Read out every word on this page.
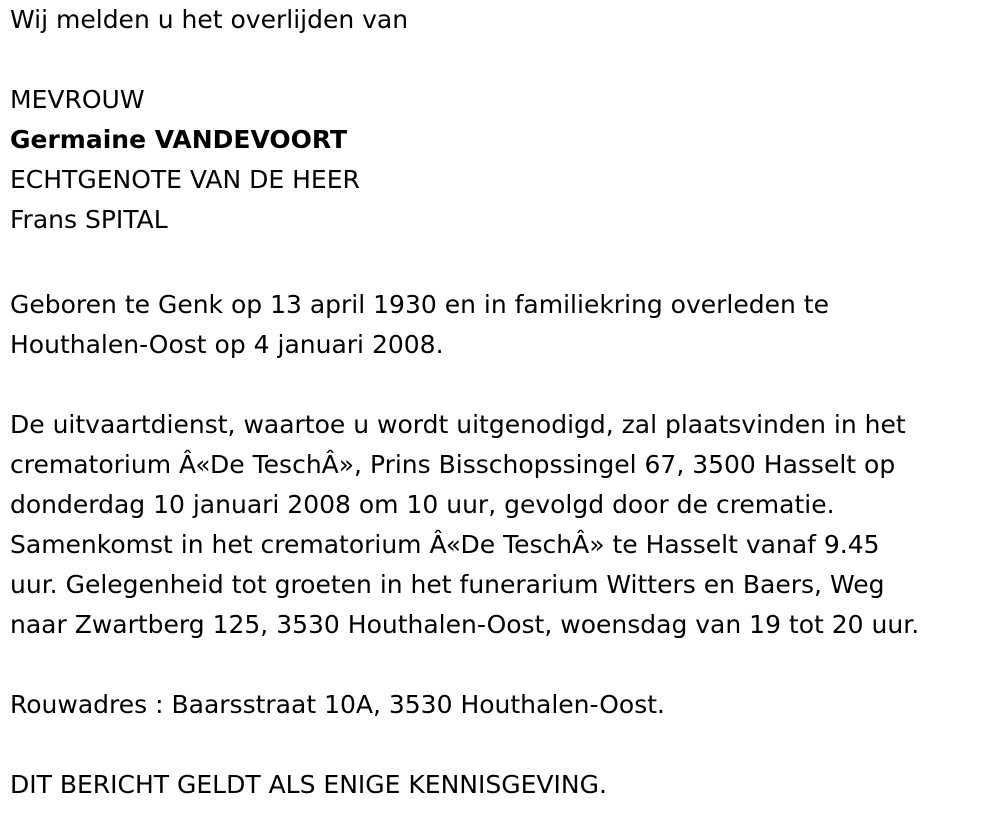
Wij melden u het overlijden van

MEVROUW

Germaine VANDEVOORT

ECHTGENOTE VAN DE HEER

Frans SPITAL

Geboren te Genk op 13 april 1930 en in familiekring overleden te

Houthalen-Oost op 4 januari 2008.

De uitvaartdienst, waartoe u wordt uitgenodigd, zal plaatsvinden in het

crematorium Â«De TeschÂ», Prins Bisschopssingel 67, 3500 Hasselt op

donderdag 10 januari 2008 om 10 uur, gevolgd door de crematie.

Samenkomst in het crematorium Â«De TeschÂ» te Hasselt vanaf 9.45

uur. Gelegenheid tot groeten in het funerarium Witters en Baers, Weg

naar Zwartberg 125, 3530 Houthalen-Oost, woensdag van 19 tot 20 uur.

Rouwadres : Baarsstraat 10A, 3530 Houthalen-Oost.

DIT BERICHT GELDT ALS ENIGE KENNISGEVING.
